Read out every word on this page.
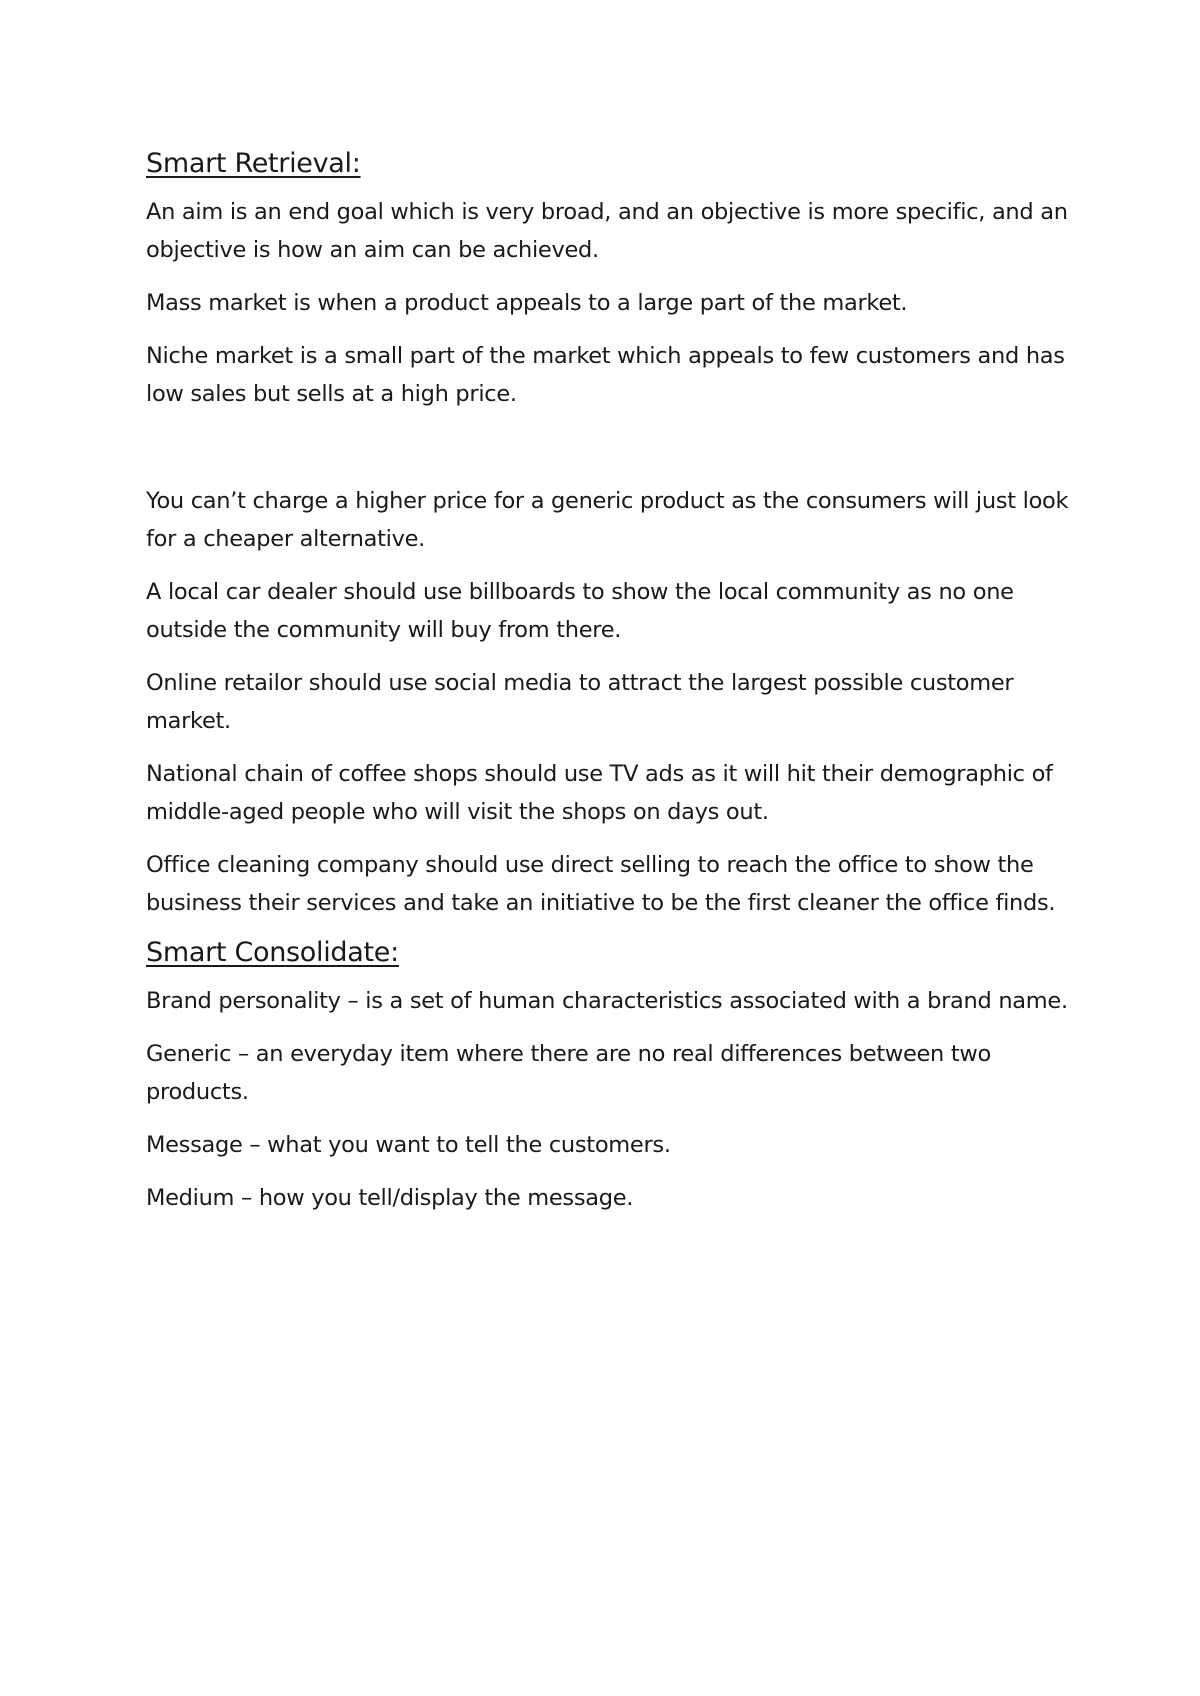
Smart Retrieval:

An aim is an end goal which is very broad, and an objective is more specific, and an objective is how an aim can be achieved.

Mass market is when a product appeals to a large part of the market.

Niche market is a small part of the market which appeals to few customers and has low sales but sells at a high price.

You can’t charge a higher price for a generic product as the consumers will just look for a cheaper alternative.

A local car dealer should use billboards to show the local community as no one outside the community will buy from there.

Online retailor should use social media to attract the largest possible customer market.

National chain of coffee shops should use TV ads as it will hit their demographic of middle-aged people who will visit the shops on days out.

Office cleaning company should use direct selling to reach the office to show the business their services and take an initiative to be the first cleaner the office finds.

Smart Consolidate:

Brand personality – is a set of human characteristics associated with a brand name.

Generic – an everyday item where there are no real differences between two products.

Message – what you want to tell the customers.

Medium – how you tell/display the message.
